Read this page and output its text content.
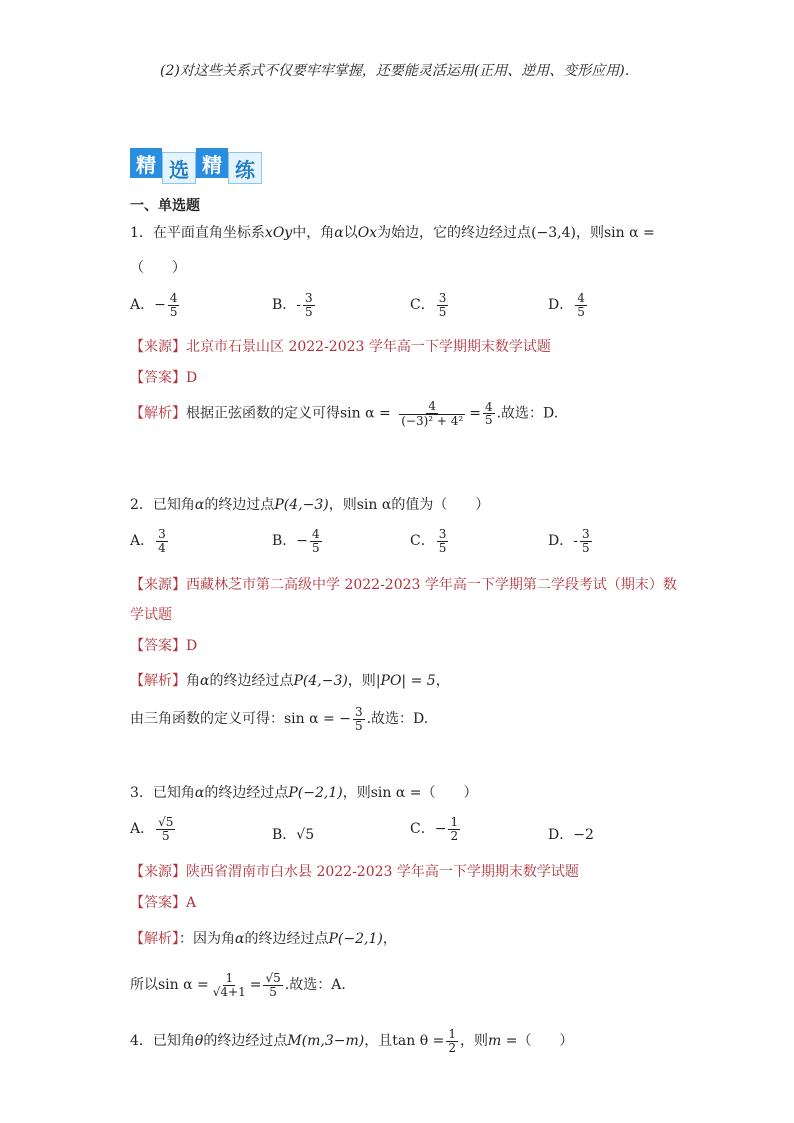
(2)对这些关系式不仅要牢牢掌握，还要能灵活运用(正用、逆用、变形应用)．
精 选 精 练
一、单选题
1．在平面直角坐标系xOy中，角α以Ox为始边，它的终边经过点(−3,4)，则sin α =
（　　）
A．− $\frac{4}{5}$	B．- $\frac{3}{5}$	C． $\frac{3}{5}$	D． $\frac{4}{5}$
【来源】北京市石景山区 2022-2023 学年高一下学期期末数学试题
【答案】D
【解析】根据正弦函数的定义可得$\sin \alpha = \frac{4}{\text{(−3)² + 4²}} = \frac{4}{5}$ .故选：D.
2．已知角α的终边过点P(4,−3)，则sin α的值为（　　）
A． $\frac{3}{4}$	B．− $\frac{4}{5}$	C． $\frac{3}{5}$	D．- $\frac{3}{5}$
【来源】西藏林芝市第二高级中学 2022-2023 学年高一下学期第二学段考试（期末）数
学试题
【答案】D
【解析】角α的终边经过点P(4,−3)，则|PO| = 5，
由三角函数的定义可得：sin α = − $\frac{3}{5}$ .故选：D.
3．已知角α的终边经过点P(−2,1)，则sin α =（　　）
A． $\frac{√5}{5}$	B．√5	C．− $\frac{1}{2}$	D．−2
【来源】陕西省渭南市白水县 2022-2023 学年高一下学期期末数学试题
【答案】A
【解析】：因为角α的终边经过点P(−2,1)，
所以$\sin \alpha = \frac{1}{√4+1} = \frac{√5}{5}$ .故选：A.
4．已知角θ的终边经过点M(m,3−m)，且$\tan \theta = \frac{1}{2}$ ，则m =（　　）
